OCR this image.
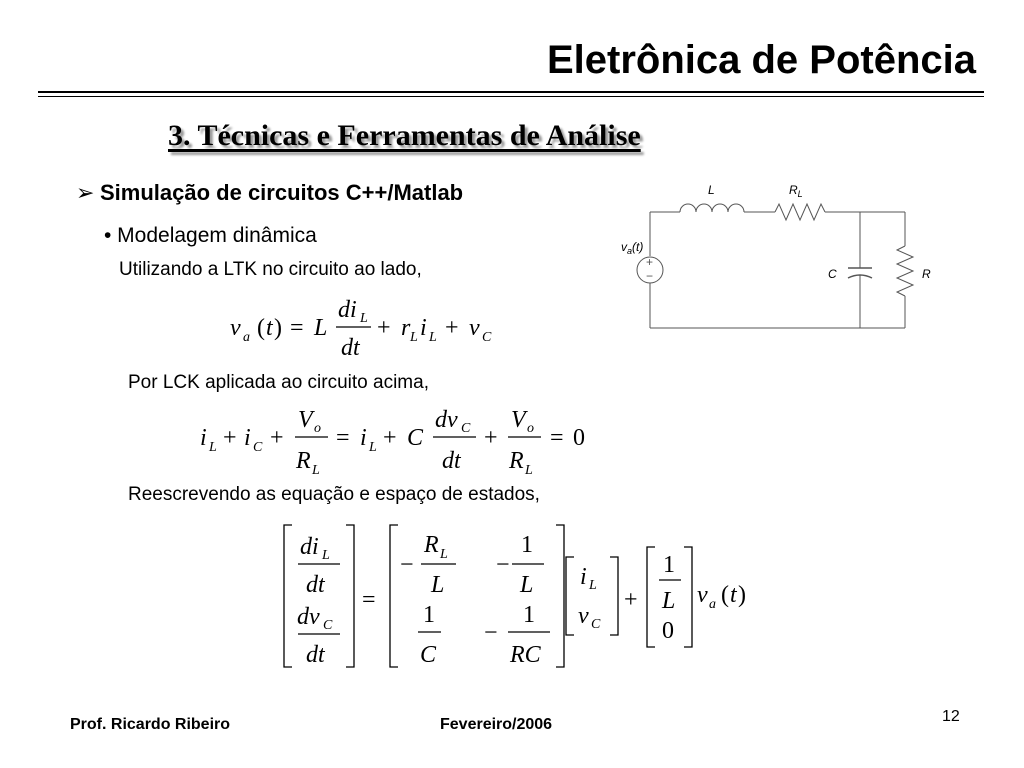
Eletrônica de Potência
3. Técnicas e Ferramentas de Análise
➢ Simulação de circuitos C++/Matlab
• Modelagem dinâmica
Utilizando a LTK no circuito ao lado,
Por LCK aplicada ao circuito acima,
Reescrevendo as equação e espaço de estados,
+
−
L	$R_L$
$v_a(t)$
C	R
v a ( t ) = L
di L
dt
+ r L i L + v C
i L + i C +
V o
R L
= i L + C
dv C
dt
+
V o
R L
= 0
di L
dt
dv C
dt
=
−
R L
L
−
1
L
1
C
−
1
RC
i L
v C
+
1
L
0
v a ( t )
Prof. Ricardo Ribeiro	Fevereiro/2006	12
